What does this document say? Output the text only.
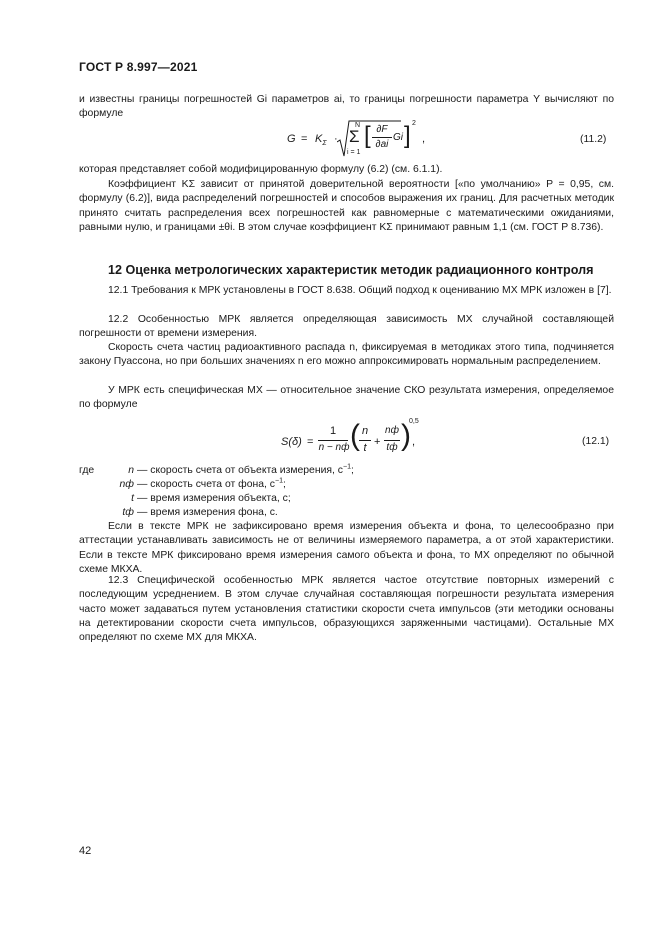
ГОСТ Р 8.997—2021
и известны границы погрешностей Gi параметров ai, то границы погрешности параметра Y вычисляют по формуле
$G = K_\Sigma$ ·
N
Σ
i = 1
[ ∂F
∂ai
Gi ] 2
,	(11.2)
которая представляет собой модифицированную формулу (6.2) (см. 6.1.1).
Коэффициент KΣ зависит от принятой доверительной вероятности [«по умолчанию» P = 0,95, см. формулу (6.2)], вида распределений погрешностей и способов выражения их границ. Для расчетных методик принято считать распределения всех погрешностей как равномерные с математическими ожиданиями, равными нулю, и границами ±θi. В этом случае коэффициент KΣ принимают равным 1,1 (см. ГОСТ Р 8.736).
12 Оценка метрологических характеристик методик радиационного контроля
12.1 Требования к МРК установлены в ГОСТ 8.638. Общий подход к оцениванию МХ МРК изложен в [7].
12.2 Особенностью МРК является определяющая зависимость МХ случайной составляющей погрешности от времени измерения.
Скорость счета частиц радиоактивного распада n, фиксируемая в методиках этого типа, подчиняется закону Пуассона, но при больших значениях n его можно аппроксимировать нормальным распределением.
У МРК есть специфическая МХ — относительное значение СКО результата измерения, определяемое по формуле
S(δ) =
1
n − nф ( n
t +
nф
tф )
0,5
,	(12.1)
где	n — скорость счета от объекта измерения, $с^{-1}$;
nф — скорость счета от фона, $с^{-1}$;
t — время измерения объекта, с;
tф — время измерения фона, с.
Если в тексте МРК не зафиксировано время измерения объекта и фона, то целесообразно при аттестации устанавливать зависимость не от величины измеряемого параметра, а от этой характеристики. Если в тексте МРК фиксировано время измерения самого объекта и фона, то МХ определяют по обычной схеме МКХА.
12.3 Специфической особенностью МРК является частое отсутствие повторных измерений с последующим усреднением. В этом случае случайная составляющая погрешности результата измерения часто может задаваться путем установления статистики скорости счета импульсов (эти методики основаны на детектировании скорости счета импульсов, образующихся заряженными частицами). Остальные МХ определяют по схеме МХ для МКХА.
42
